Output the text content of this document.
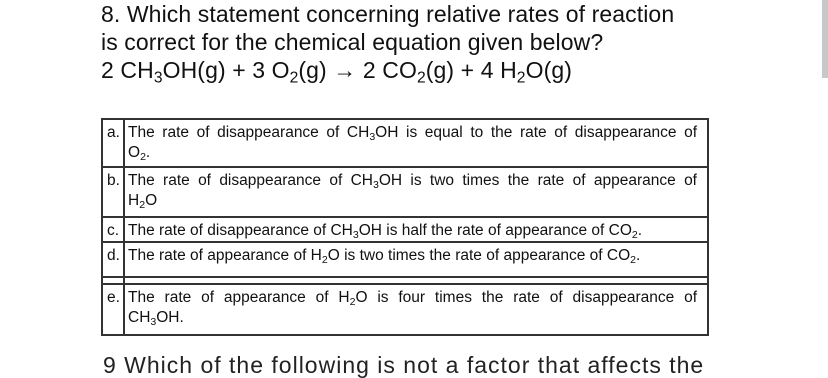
8. Which statement concerning relative rates of reaction
is correct for the chemical equation given below?
2 $CH_3OH(g) + 3$ $O_2(g) \to 2$ $CO_2(g) + 4$ $H_2O(g)$
a. The rate of disappearance of $CH_3OH$ is equal to the rate of disappearance of
$O_2$.
b. The rate of disappearance of $CH_3OH$ is two times the rate of appearance of
$H_2O$
c. The rate of disappearance of $CH_3OH$ is half the rate of appearance of $CO_2$.
d. The rate of appearance of $H_2O$ is two times the rate of appearance of $CO_2$.
e. The rate of appearance of $H_2O$ is four times the rate of disappearance of
$CH_3OH$.
9 Which of the following is not a factor that affects the
